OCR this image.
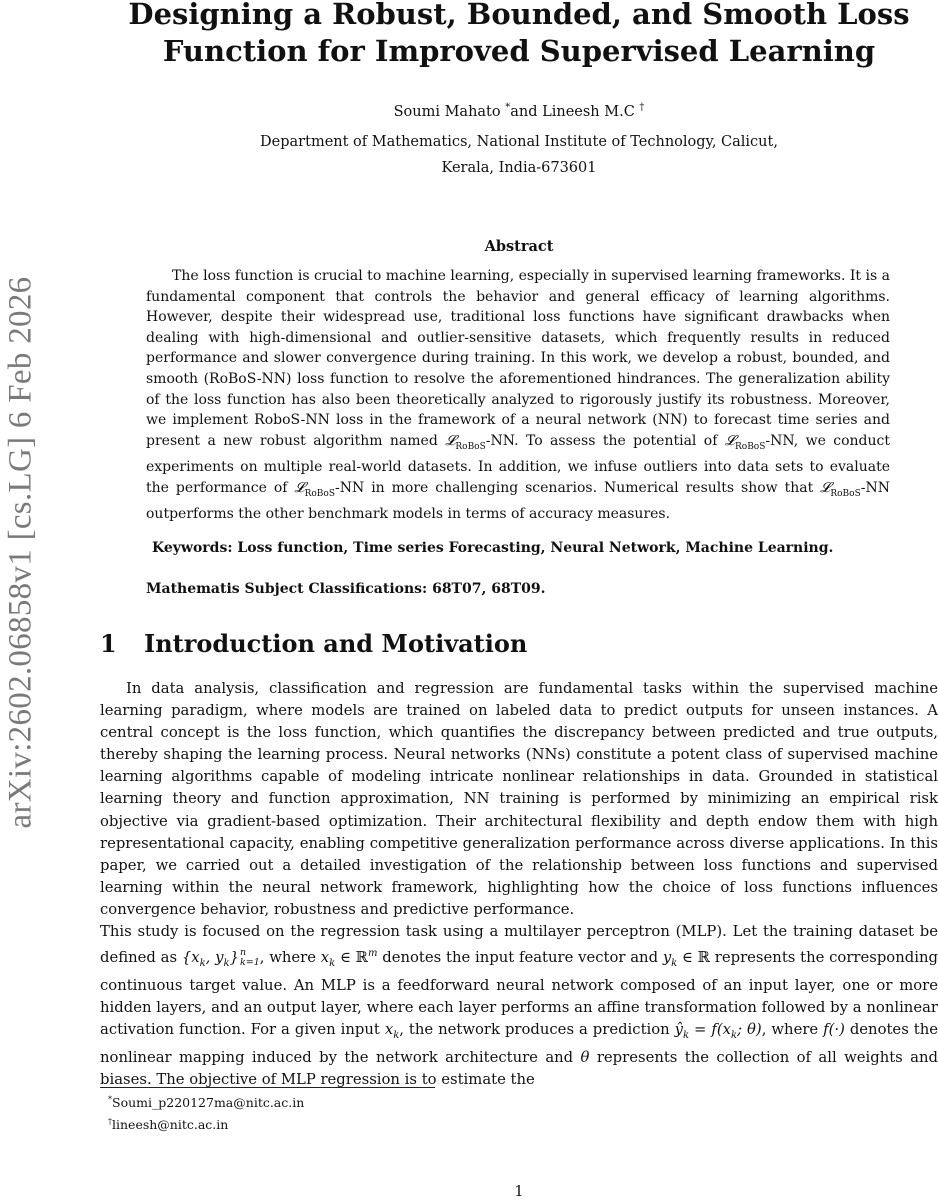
arXiv:2602.06858v1 [cs.LG] 6 Feb 2026
Designing a Robust, Bounded, and Smooth Loss Function for Improved Supervised Learning
Soumi Mahato *and Lineesh M.C †
Department of Mathematics, National Institute of Technology, Calicut,
Kerala, India-673601
Abstract
The loss function is crucial to machine learning, especially in supervised learning frameworks. It is a fundamental component that controls the behavior and general efficacy of learning algorithms. However, despite their widespread use, traditional loss functions have significant drawbacks when dealing with high-dimensional and outlier-sensitive datasets, which frequently results in reduced performance and slower convergence during training. In this work, we develop a robust, bounded, and smooth (RoBoS-NN) loss function to resolve the aforementioned hindrances. The generalization ability of the loss function has also been theoretically analyzed to rigorously justify its robustness. Moreover, we implement RoboS-NN loss in the framework of a neural network (NN) to forecast time series and present a new robust algorithm named 𝓛$_{RoBoS}$-NN. To assess the potential of 𝓛$_{RoBoS}$-NN, we conduct experiments on multiple real-world datasets. In addition, we infuse outliers into data sets to evaluate the performance of 𝓛$_{RoBoS}$-NN in more challenging scenarios. Numerical results show that 𝓛$_{RoBoS}$-NN outperforms the other benchmark models in terms of accuracy measures.
Keywords: Loss function, Time series Forecasting, Neural Network, Machine Learning.
Mathematis Subject Classifications: 68T07, 68T09.
1 Introduction and Motivation

In data analysis, classification and regression are fundamental tasks within the supervised machine learning paradigm, where models are trained on labeled data to predict outputs for unseen instances. A central concept is the loss function, which quantifies the discrepancy between predicted and true outputs, thereby shaping the learning process. Neural networks (NNs) constitute a potent class of supervised machine learning algorithms capable of modeling intricate nonlinear relationships in data. Grounded in statistical learning theory and function approximation, NN training is performed by minimizing an empirical risk objective via gradient-based optimization. Their architectural flexibility and depth endow them with high representational capacity, enabling competitive generalization performance across diverse applications. In this paper, we carried out a detailed investigation of the relationship between loss functions and supervised learning within the neural network framework, highlighting how the choice of loss functions influences convergence behavior, robustness and predictive performance.

This study is focused on the regression task using a multilayer perceptron (MLP). Let the training dataset be defined as {$x_k$, $y_k$} n
k=1 , where $x_k$ ∈ ℝ$^m$ denotes the input feature vector and $y_k$ ∈ ℝ represents the corresponding continuous target value. An MLP is a feedforward neural network composed of an input layer, one or more hidden layers, and an output layer, where each layer performs an affine transformation followed by a nonlinear activation function. For a given input $x_k$, the network produces a prediction $ŷ_k = f(x_k$; θ), where f(·) denotes the nonlinear mapping induced by the network architecture and θ represents the collection of all weights and biases. The objective of MLP regression is to estimate the

*Soumi_p220127ma@nitc.ac.in
†lineesh@nitc.ac.in
1
